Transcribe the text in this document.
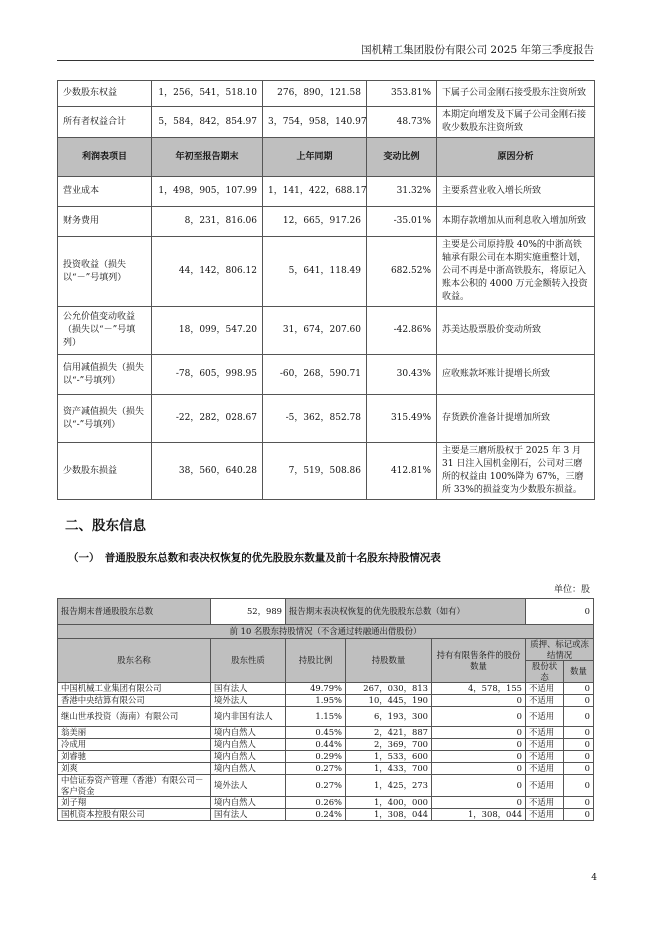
国机精工集团股份有限公司 2025 年第三季度报告
少数股东权益	1，256，541，518.10	276，890，121.58	353.81%	下属子公司金刚石接受股东注资所致
所有者权益合计	5，584，842，854.97	3，754，958，140.97	48.73%	本期定向增发及下属子公司金刚石接收少数股东注资所致
利润表项目	年初至报告期末	上年同期	变动比例	原因分析
营业成本	1，498，905，107.99	1，141，422，688.17	31.32%	主要系营业收入增长所致
财务费用	8，231，816.06	12，665，917.26	-35.01%	本期存款增加从而利息收入增加所致
投资收益（损失以“－”号填列）	44，142，806.12	5，641，118.49	682.52%	主要是公司原持股 40%的中浙高铁轴承有限公司在本期实施重整计划，公司不再是中浙高铁股东，将原记入账本公积的 4000 万元金额转入投资收益。
公允价值变动收益（损失以“－”号填列）	18，099，547.20	31，674，207.60	-42.86%	苏美达股票股价变动所致
信用减值损失（损失以“-”号填列）	-78，605，998.95	-60，268，590.71	30.43%	应收账款坏账计提增长所致
资产减值损失（损失以“-”号填列）	-22，282，028.67	-5，362，852.78	315.49%	存货跌价准备计提增加所致
少数股东损益	38，560，640.28	7，519，508.86	412.81%	主要是三磨所股权于 2025 年 3 月 31 日注入国机金刚石，公司对三磨所的权益由 100%降为 67%，三磨所 33%的损益变为少数股东损益。
二、股东信息
（一）　普通股股东总数和表决权恢复的优先股股东数量及前十名股东持股情况表
单位：股
报告期末普通股股东总数	52，989	报告期末表决权恢复的优先股股东总数（如有）			0	
前 10 名股东持股情况（不含通过转融通出借股份）						
股东名称	股东性质	持股比例	持股数量	持有有限售条件的股份数量	质押、标记或冻结情况	
					股份状态	数量
中国机械工业集团有限公司	国有法人	49.79%	267，030，813	4，578，155	不适用	0
香港中央结算有限公司	境外法人	1.95%	10，445，190	0	不适用	0
继山世承投资（海南）有限公司	境内非国有法人	1.15%	6，193，300	0	不适用	0
翁美丽	境内自然人	0.45%	2，421，887	0	不适用	0
冷成用	境内自然人	0.44%	2，369，700	0	不适用	0
刘睿驰	境内自然人	0.29%	1，533，600	0	不适用	0
刘爽	境内自然人	0.27%	1，433，700	0	不适用	0
中信证券资产管理（香港）有限公司－客户资金	境外法人	0.27%	1，425，273	0	不适用	0
刘子翔	境内自然人	0.26%	1，400，000	0	不适用	0
国机资本控股有限公司	国有法人	0.24%	1，308，044	1，308，044	不适用	0
4
